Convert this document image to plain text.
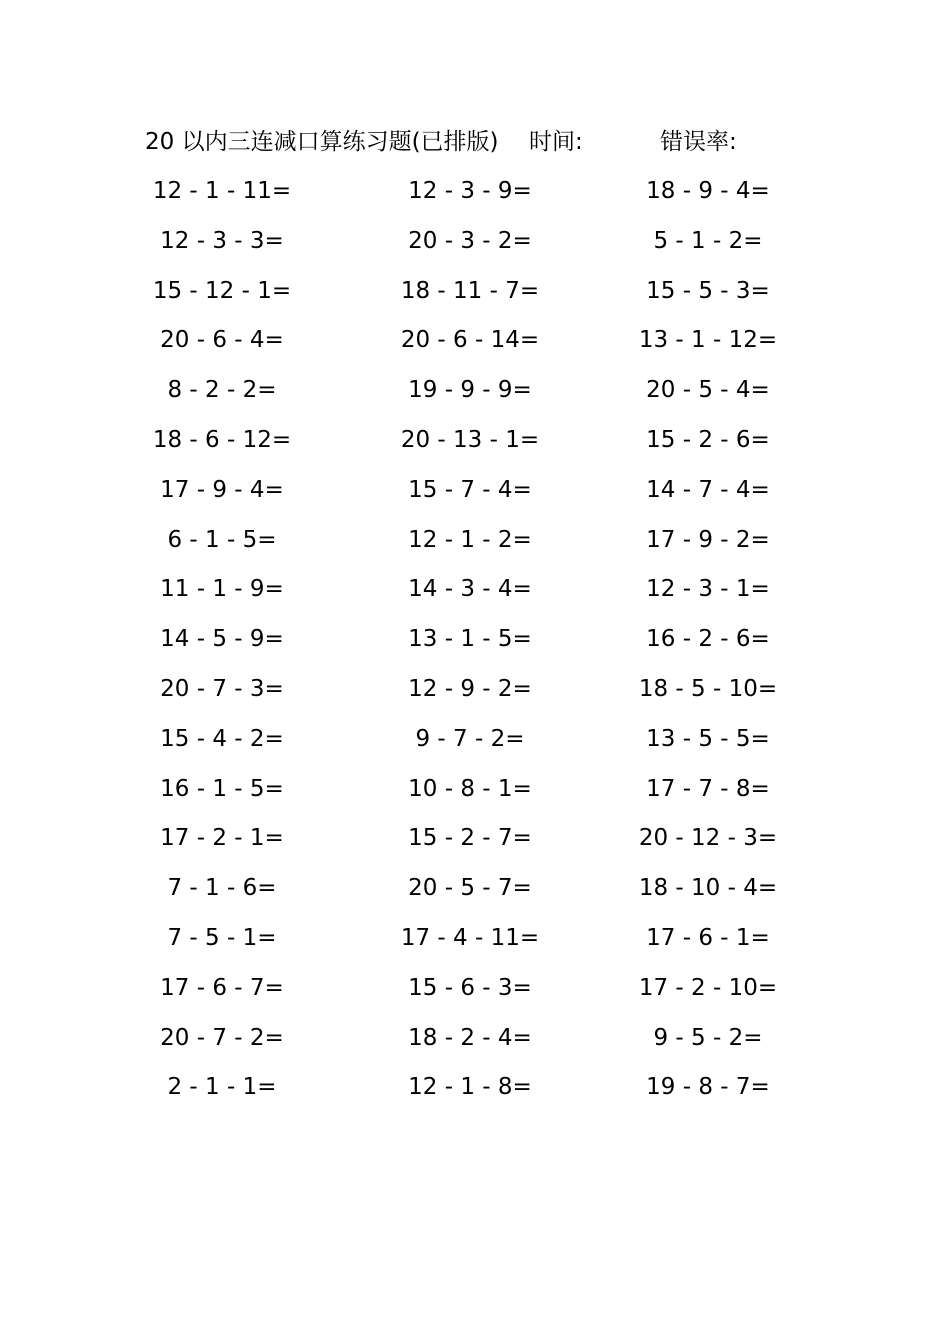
20 以内三连减口算练习题(已排版) 时间:	错误率:
12 - 1 - 11=	12 - 3 - 9=	18 - 9 - 4=
12 - 3 - 3=	20 - 3 - 2=	5 - 1 - 2=
15 - 12 - 1=	18 - 11 - 7=	15 - 5 - 3=
20 - 6 - 4=	20 - 6 - 14=	13 - 1 - 12=
8 - 2 - 2=	19 - 9 - 9=	20 - 5 - 4=
18 - 6 - 12=	20 - 13 - 1=	15 - 2 - 6=
17 - 9 - 4=	15 - 7 - 4=	14 - 7 - 4=
6 - 1 - 5=	12 - 1 - 2=	17 - 9 - 2=
11 - 1 - 9=	14 - 3 - 4=	12 - 3 - 1=
14 - 5 - 9=	13 - 1 - 5=	16 - 2 - 6=
20 - 7 - 3=	12 - 9 - 2=	18 - 5 - 10=
15 - 4 - 2=	9 - 7 - 2=	13 - 5 - 5=
16 - 1 - 5=	10 - 8 - 1=	17 - 7 - 8=
17 - 2 - 1=	15 - 2 - 7=	20 - 12 - 3=
7 - 1 - 6=	20 - 5 - 7=	18 - 10 - 4=
7 - 5 - 1=	17 - 4 - 11=	17 - 6 - 1=
17 - 6 - 7=	15 - 6 - 3=	17 - 2 - 10=
20 - 7 - 2=	18 - 2 - 4=	9 - 5 - 2=
2 - 1 - 1=	12 - 1 - 8=	19 - 8 - 7=
